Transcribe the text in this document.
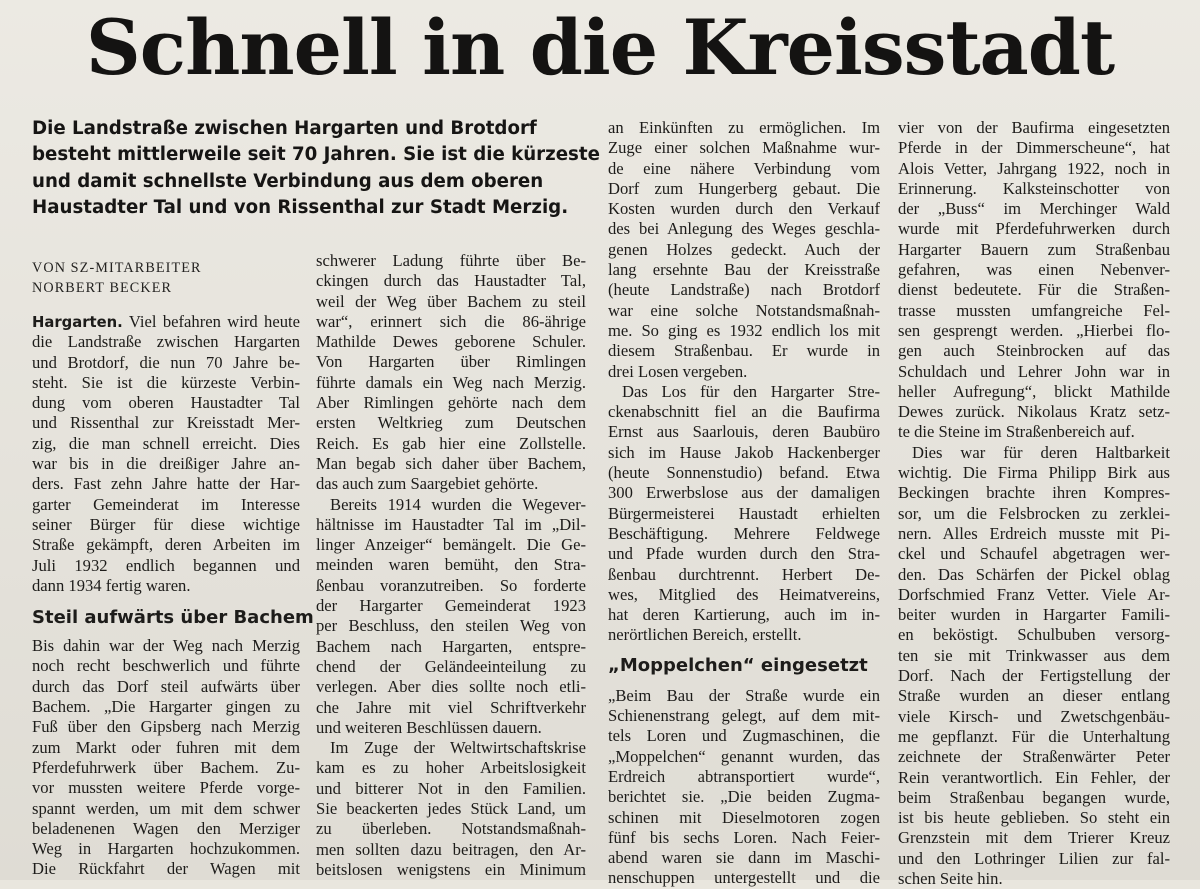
Schnell in die Kreisstadt

Die Landstraße zwischen Hargarten und Brotdorf besteht mittlerweile seit 70 Jahren. Sie ist die kürzeste und damit schnellste Verbindung aus dem oberen Haustadter Tal und von Rissenthal zur Stadt Merzig.

VON SZ-MITARBEITER
NORBERT BECKER
Hargarten. Viel befahren wird heute
die Landstraße zwischen Hargarten
und Brotdorf, die nun 70 Jahre be-
steht. Sie ist die kürzeste Verbin-
dung vom oberen Haustadter Tal
und Rissenthal zur Kreisstadt Mer-
zig, die man schnell erreicht. Dies
war bis in die dreißiger Jahre an-
ders. Fast zehn Jahre hatte der Har-
garter Gemeinderat im Interesse
seiner Bürger für diese wichtige
Straße gekämpft, deren Arbeiten im
Juli 1932 endlich begannen und
dann 1934 fertig waren.
Steil aufwärts über Bachem
Bis dahin war der Weg nach Merzig
noch recht beschwerlich und führte
durch das Dorf steil aufwärts über
Bachem. „Die Hargarter gingen zu
Fuß über den Gipsberg nach Merzig
zum Markt oder fuhren mit dem
Pferdefuhrwerk über Bachem. Zu-
vor mussten weitere Pferde vorge-
spannt werden, um mit dem schwer
beladenenen Wagen den Merziger
Weg in Hargarten hochzukommen.
Die Rückfahrt der Wagen mit
schwerer Ladung führte über Be-
ckingen durch das Haustadter Tal,
weil der Weg über Bachem zu steil
war“, erinnert sich die 86-ährige
Mathilde Dewes geborene Schuler.
Von Hargarten über Rimlingen
führte damals ein Weg nach Merzig.
Aber Rimlingen gehörte nach dem
ersten Weltkrieg zum Deutschen
Reich. Es gab hier eine Zollstelle.
Man begab sich daher über Bachem,
das auch zum Saargebiet gehörte.
Bereits 1914 wurden die Wegever-
hältnisse im Haustadter Tal im „Dil-
linger Anzeiger“ bemängelt. Die Ge-
meinden waren bemüht, den Stra-
ßenbau voranzutreiben. So forderte
der Hargarter Gemeinderat 1923
per Beschluss, den steilen Weg von
Bachem nach Hargarten, entspre-
chend der Geländeeinteilung zu
verlegen. Aber dies sollte noch etli-
che Jahre mit viel Schriftverkehr
und weiteren Beschlüssen dauern.
Im Zuge der Weltwirtschaftskrise
kam es zu hoher Arbeitslosigkeit
und bitterer Not in den Familien.
Sie beackerten jedes Stück Land, um
zu überleben. Notstandsmaßnah-
men sollten dazu beitragen, den Ar-
beitslosen wenigstens ein Minimum
an Einkünften zu ermöglichen. Im
Zuge einer solchen Maßnahme wur-
de eine nähere Verbindung vom
Dorf zum Hungerberg gebaut. Die
Kosten wurden durch den Verkauf
des bei Anlegung des Weges geschla-
genen Holzes gedeckt. Auch der
lang ersehnte Bau der Kreisstraße
(heute Landstraße) nach Brotdorf
war eine solche Notstandsmaßnah-
me. So ging es 1932 endlich los mit
diesem Straßenbau. Er wurde in
drei Losen vergeben.
Das Los für den Hargarter Stre-
ckenabschnitt fiel an die Baufirma
Ernst aus Saarlouis, deren Baubüro
sich im Hause Jakob Hackenberger
(heute Sonnenstudio) befand. Etwa
300 Erwerbslose aus der damaligen
Bürgermeisterei Haustadt erhielten
Beschäftigung. Mehrere Feldwege
und Pfade wurden durch den Stra-
ßenbau durchtrennt. Herbert De-
wes, Mitglied des Heimatvereins,
hat deren Kartierung, auch im in-
nerörtlichen Bereich, erstellt.
„Moppelchen“ eingesetzt
„Beim Bau der Straße wurde ein
Schienenstrang gelegt, auf dem mit-
tels Loren und Zugmaschinen, die
„Moppelchen“ genannt wurden, das
Erdreich abtransportiert wurde“,
berichtet sie. „Die beiden Zugma-
schinen mit Dieselmotoren zogen
fünf bis sechs Loren. Nach Feier-
abend waren sie dann im Maschi-
nenschuppen untergestellt und die
vier von der Baufirma eingesetzten
Pferde in der Dimmerscheune“, hat
Alois Vetter, Jahrgang 1922, noch in
Erinnerung. Kalksteinschotter von
der „Buss“ im Merchinger Wald
wurde mit Pferdefuhrwerken durch
Hargarter Bauern zum Straßenbau
gefahren, was einen Nebenver-
dienst bedeutete. Für die Straßen-
trasse mussten umfangreiche Fel-
sen gesprengt werden. „Hierbei flo-
gen auch Steinbrocken auf das
Schuldach und Lehrer John war in
heller Aufregung“, blickt Mathilde
Dewes zurück. Nikolaus Kratz setz-
te die Steine im Straßenbereich auf.
Dies war für deren Haltbarkeit
wichtig. Die Firma Philipp Birk aus
Beckingen brachte ihren Kompres-
sor, um die Felsbrocken zu zerklei-
nern. Alles Erdreich musste mit Pi-
ckel und Schaufel abgetragen wer-
den. Das Schärfen der Pickel oblag
Dorfschmied Franz Vetter. Viele Ar-
beiter wurden in Hargarter Famili-
en beköstigt. Schulbuben versorg-
ten sie mit Trinkwasser aus dem
Dorf. Nach der Fertigstellung der
Straße wurden an dieser entlang
viele Kirsch- und Zwetschgenbäu-
me gepflanzt. Für die Unterhaltung
zeichnete der Straßenwärter Peter
Rein verantwortlich. Ein Fehler, der
beim Straßenbau begangen wurde,
ist bis heute geblieben. So steht ein
Grenzstein mit dem Trierer Kreuz
und den Lothringer Lilien zur fal-
schen Seite hin.
